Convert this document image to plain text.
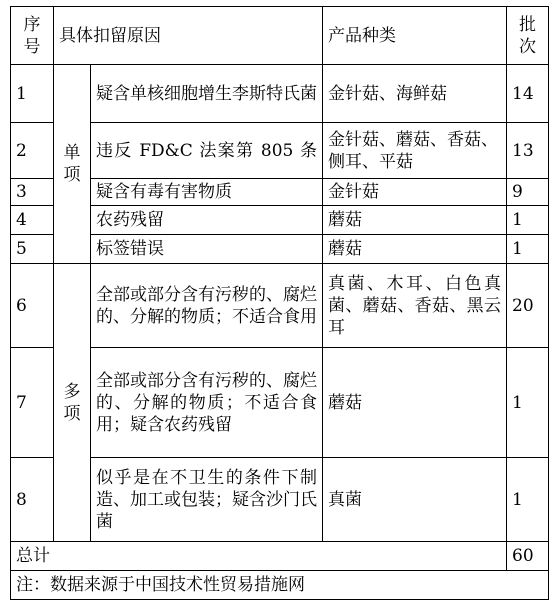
序号	具体扣留原因		产品种类	批次
1	单项	疑含单核细胞增生李斯特氏菌	金针菇、海鲜菇	14
2		违反 FD&C 法案第 805 条	金针菇、蘑菇、香菇、侧耳、平菇	13
3		疑含有毒有害物质	金针菇	9
4		农药残留	蘑菇	1
5		标签错误	蘑菇	1
6	多项	全部或部分含有污秽的、腐烂的、分解的物质；不适合食用	真菌、木耳、白色真菌、蘑菇、香菇、黑云耳	20
7		全部或部分含有污秽的、腐烂的、分解的物质；不适合食用；疑含农药残留	蘑菇	1
8		似乎是在不卫生的条件下制造、加工或包装；疑含沙门氏菌	真菌	1
总计				60
注：数据来源于中国技术性贸易措施网				
